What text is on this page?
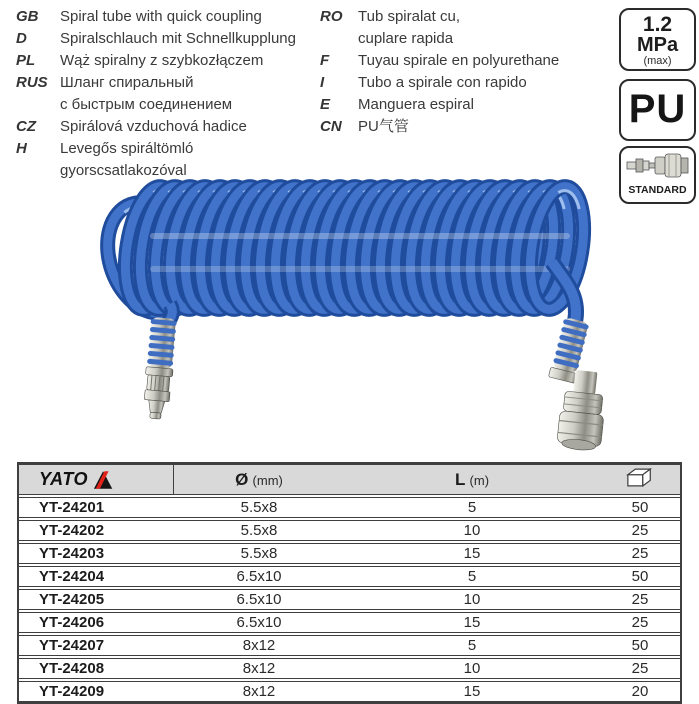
GB	Spiral tube with quick coupling
D	Spiralschlauch mit Schnellkupplung
PL	Wąż spiralny z szybkozłączem
RUS Шланг спиральный
с быстрым соединением
CZ	Spirálová vzduchová hadice
H	Levegős spiráltömló
gyorscsatlakozóval
RO	Tub spiralat cu,
cuplare rapida
F	Tuyau spirale en polyurethane
I	Tubo a spirale con rapido
E	Manguera espiral
CN	PU气管
1.2
MPa
(max)
PU
STANDARD
YATO	Ø (mm)	L (m)	
YT-24201	5.5x8	5	50
YT-24202	5.5x8	10	25
YT-24203	5.5x8	15	25
YT-24204	6.5x10	5	50
YT-24205	6.5x10	10	25
YT-24206	6.5x10	15	25
YT-24207	8x12	5	50
YT-24208	8x12	10	25
YT-24209	8x12	15	20
